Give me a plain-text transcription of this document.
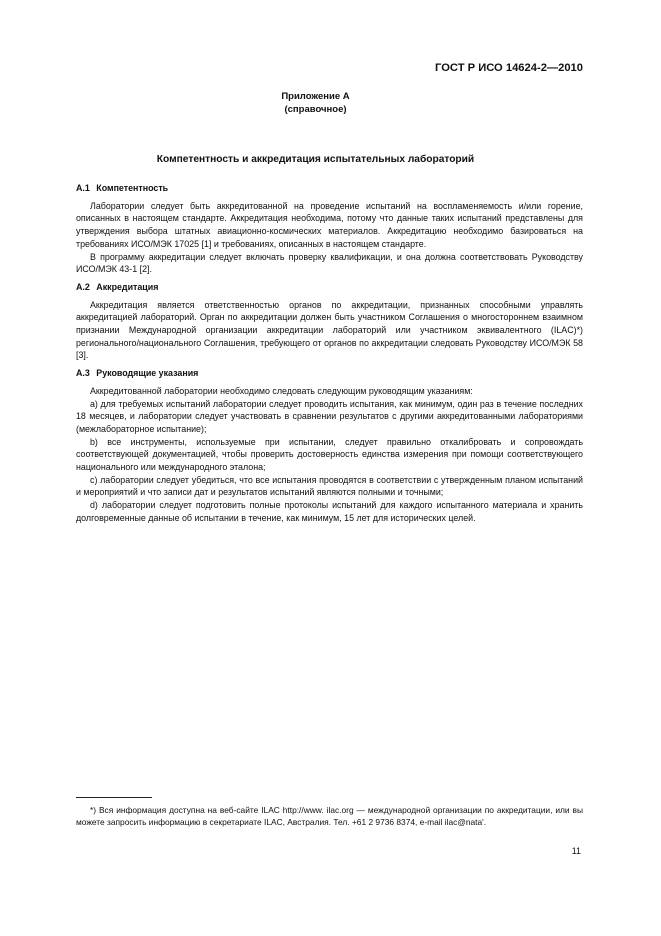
ГОСТ Р ИСО 14624-2—2010
Приложение А
(справочное)
Компетентность и аккредитация испытательных лабораторий
А.1 Компетентность

Лаборатории следует быть аккредитованной на проведение испытаний на воспламеняемость и/или горение, описанных в настоящем стандарте. Аккредитация необходима, потому что данные таких испытаний представлены для утверждения выбора штатных авиационно-космических материалов. Аккредитацию необходимо базироваться на требованиях ИСО/МЭК 17025 [1] и требованиях, описанных в настоящем стандарте.

В программу аккредитации следует включать проверку квалификации, и она должна соответствовать Руководству ИСО/МЭК 43-1 [2].

А.2 Аккредитация

Аккредитация является ответственностью органов по аккредитации, признанных способными управлять аккредитацией лабораторий. Орган по аккредитации должен быть участником Соглашения о многостороннем взаимном признании Международной организации аккредитации лабораторий или участником эквивалентного (ILAC)*) регионального/национального Соглашения, требующего от органов по аккредитации следовать Руководству ИСО/МЭК 58 [3].

А.3 Руководящие указания

Аккредитованной лаборатории необходимо следовать следующим руководящим указаниям:

a) для требуемых испытаний лаборатории следует проводить испытания, как минимум, один раз в течение последних 18 месяцев, и лаборатории следует участвовать в сравнении результатов с другими аккредитованными лабораториями (межлабораторное испытание);

b) все инструменты, используемые при испытании, следует правильно откалибровать и сопровождать соответствующей документацией, чтобы проверить достоверность единства измерения при помощи соответствующего национального или международного эталона;

c) лаборатории следует убедиться, что все испытания проводятся в соответствии с утвержденным планом испытаний и мероприятий и что записи дат и результатов испытаний являются полными и точными;

d) лаборатории следует подготовить полные протоколы испытаний для каждого испытанного материала и хранить долговременные данные об испытании в течение, как минимум, 15 лет для исторических целей.

*) Вся информация доступна на веб-сайте ILAC http://www. ilac.org — международной организации по аккредитации, или вы можете запросить информацию в секретариате ILAC, Австралия. Тел. +61 2 9736 8374, e-mail ilac@nata'.
11
